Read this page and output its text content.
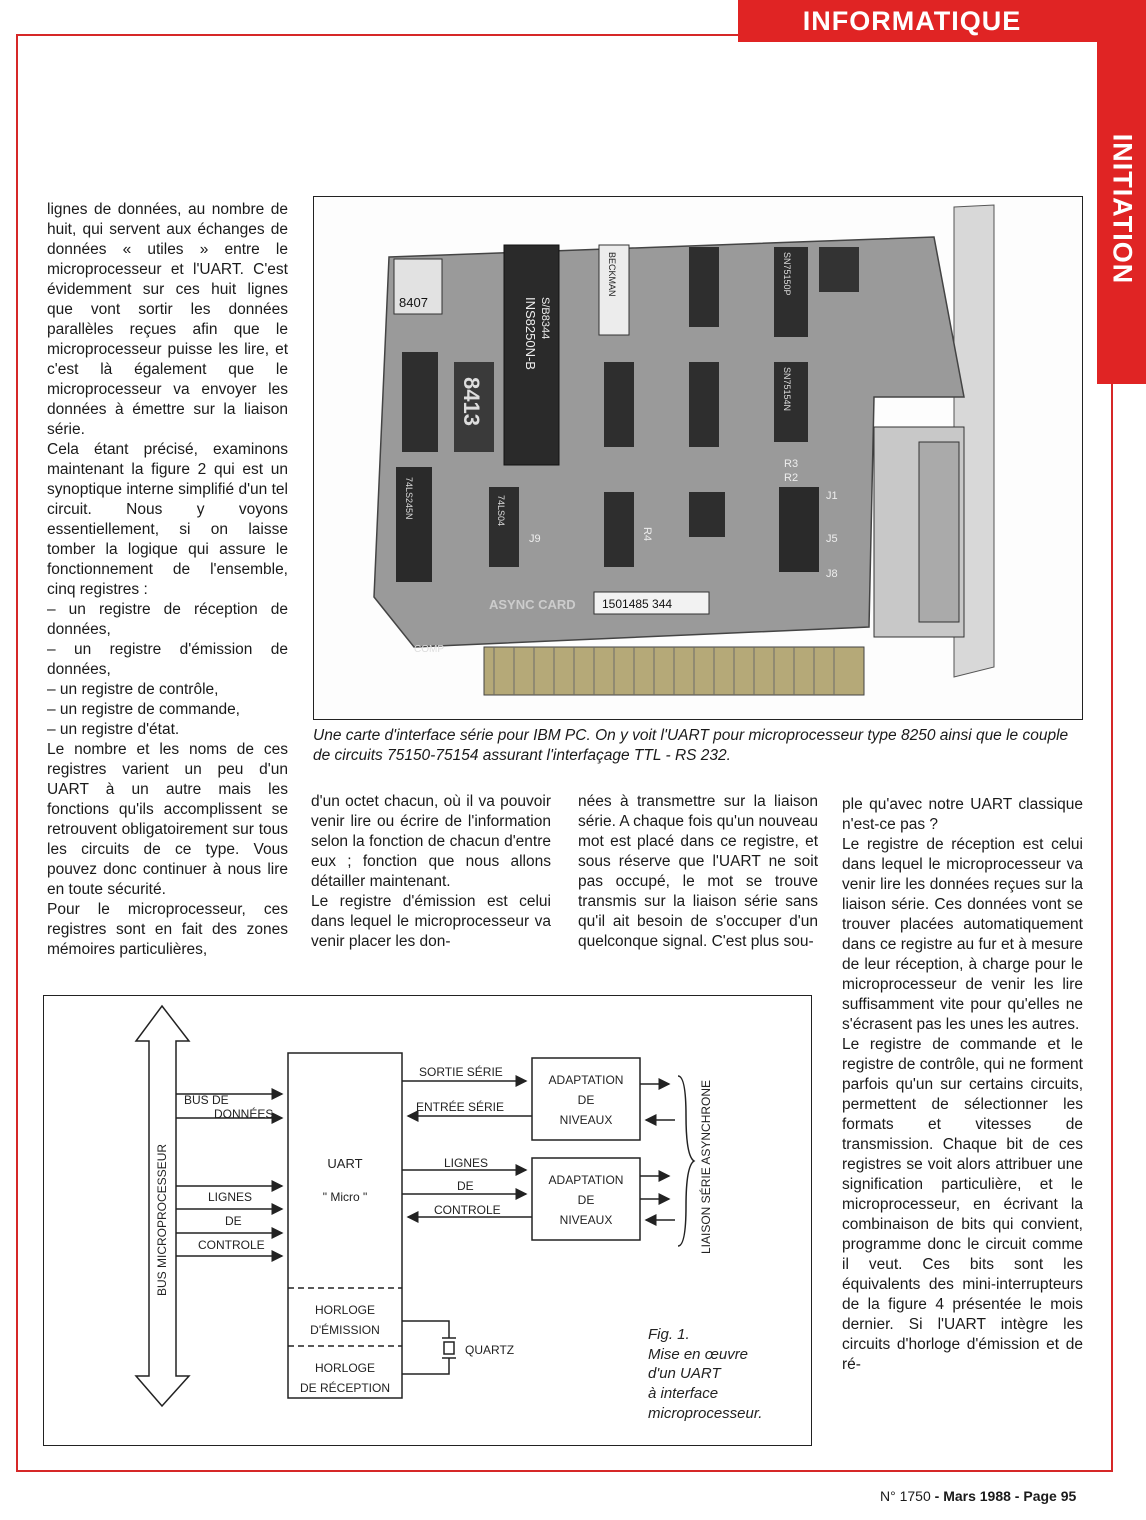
INFORMATIQUE
INITIATION

lignes de données, au nombre de huit, qui servent aux échanges de données « utiles » entre le microprocesseur et l'UART. C'est évidemment sur ces huit lignes que vont sortir les données parallèles reçues afin que le microprocesseur puisse les lire, et c'est là également que le microprocesseur va envoyer les données à émettre sur la liaison série.

Cela étant précisé, examinons maintenant la figure 2 qui est un synoptique interne simplifié d'un tel circuit. Nous y voyons essentiellement, si on laisse tomber la logique qui assure le fonctionnement de l'ensemble, cinq registres :

– un registre de réception de données,
– un registre d'émission de données,
– un registre de contrôle,
– un registre de commande,
– un registre d'état.

Le nombre et les noms de ces registres varient un peu d'un UART à un autre mais les fonctions qu'ils accomplissent se retrouvent obligatoirement sur tous les circuits de ce type. Vous pouvez donc continuer à nous lire en toute sécurité.

Pour le microprocesseur, ces registres sont en fait des zones mémoires particulières,

8407	INS8250N-B S/B8344
8413
BECKMAN	SN75150P
SN75154N
74LS245N	74LS04
J9	R4
R3
R2
J1
J5
J8
1501485 344
ASYNC CARD
COMP
Une carte d'interface série pour IBM PC. On y voit l'UART pour microprocesseur type 8250 ainsi que le couple de circuits 75150-75154 assurant l'interfaçage TTL - RS 232.

d'un octet chacun, où il va pouvoir venir lire ou écrire de l'information selon la fonction de chacun d'entre eux ; fonction que nous allons détailler maintenant.

Le registre d'émission est celui dans lequel le microprocesseur va venir placer les don-

nées à transmettre sur la liaison série. A chaque fois qu'un nouveau mot est placé dans ce registre, et sous réserve que l'UART ne soit pas occupé, le mot se trouve transmis sur la liaison série sans qu'il ait besoin de s'occuper d'un quelconque signal. C'est plus sou-

ple qu'avec notre UART classique n'est-ce pas ?

Le registre de réception est celui dans lequel le microprocesseur va venir lire les données reçues sur la liaison série. Ces données vont se trouver placées automatiquement dans ce registre au fur et à mesure de leur réception, à charge pour le microprocesseur de venir les lire suffisamment vite pour qu'elles ne s'écrasent pas les unes les autres.

Le registre de commande et le registre de contrôle, qui ne forment parfois qu'un sur certains circuits, permettent de sélectionner les formats et vitesses de transmission. Chaque bit de ces registres se voit alors attribuer une signification particulière, et le microprocesseur, en écrivant la combinaison de bits qui convient, programme donc le circuit comme il veut. Ces bits sont les équivalents des mini-interrupteurs de la figure 4 présentée le mois dernier. Si l'UART intègre les circuits d'horloge d'émission et de ré-

BUS MICROPROCESSEUR
BUS DE
DONNÉES
LIGNES
DE
CONTROLE
UART
" Micro "
HORLOGE
D'ÉMISSION
HORLOGE
DE RÉCEPTION
SORTIE SÉRIE
ENTRÉE SÉRIE
LIGNES
DE
CONTROLE
ADAPTATION
DE
NIVEAUX
ADAPTATION
DE
NIVEAUX
QUARTZ
LIAISON SÉRIE ASYNCHRONE
Fig. 1.
Mise en œuvre
d'un UART
à interface
microprocesseur.
N° 1750 - Mars 1988 - Page 95
